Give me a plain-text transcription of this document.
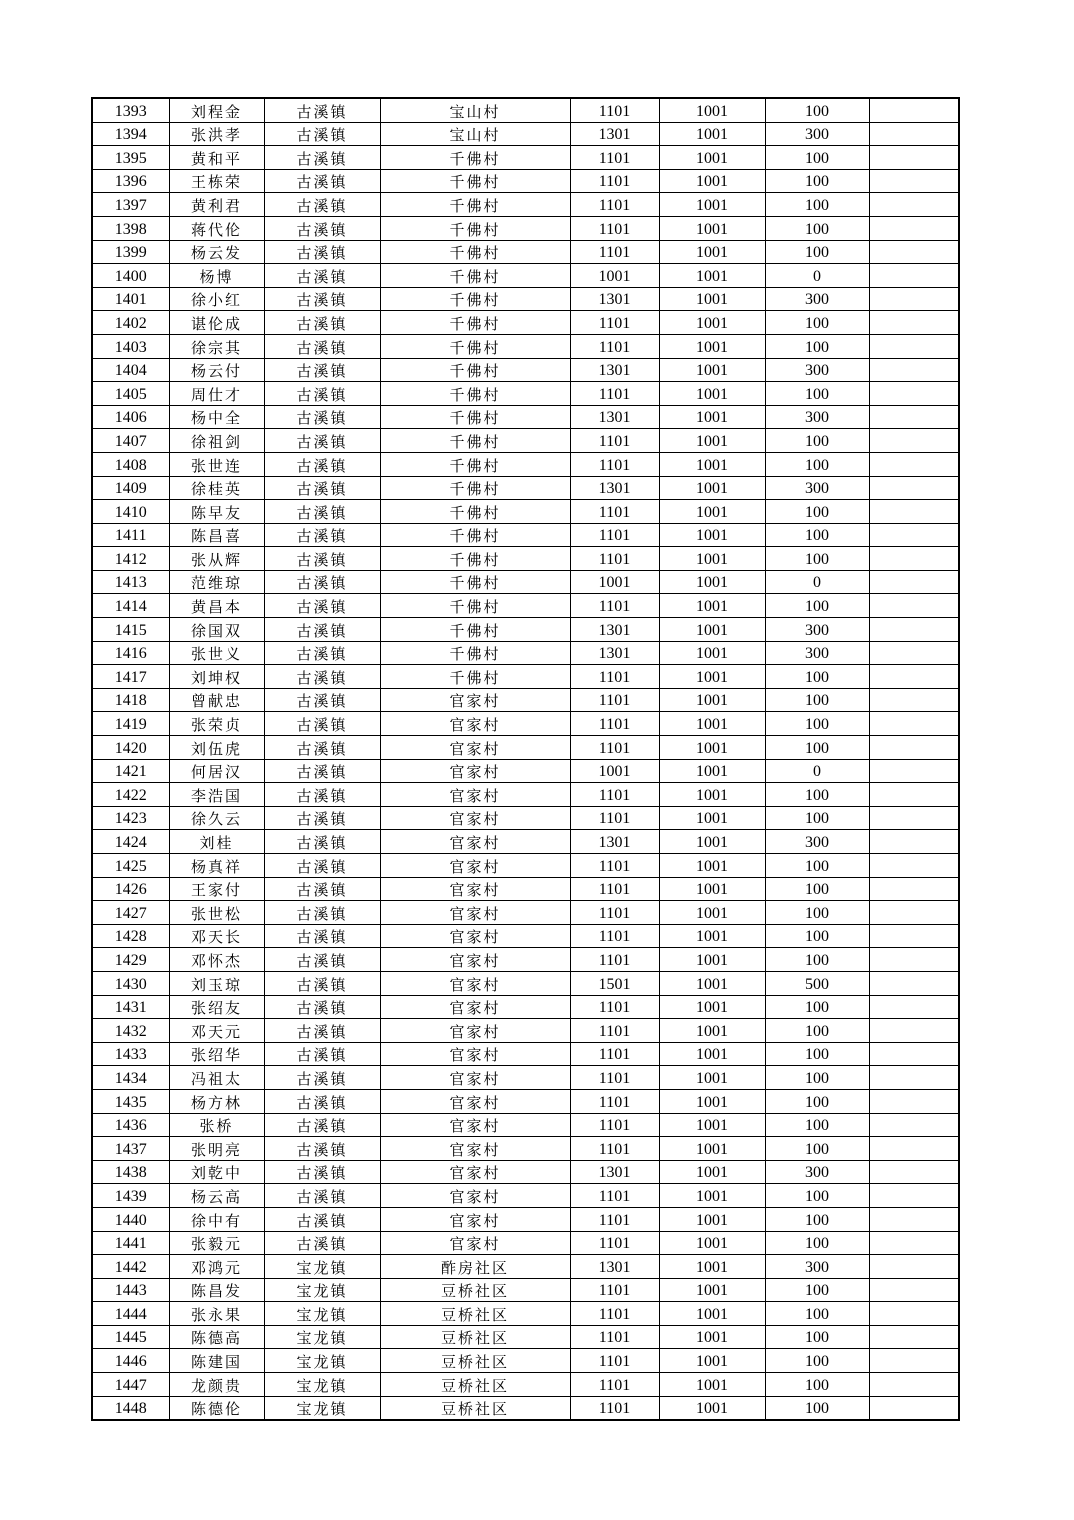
1393	刘程金	古溪镇	宝山村	1101	1001	100	
1394	张洪孝	古溪镇	宝山村	1301	1001	300	
1395	黄和平	古溪镇	千佛村	1101	1001	100	
1396	王栋荣	古溪镇	千佛村	1101	1001	100	
1397	黄利君	古溪镇	千佛村	1101	1001	100	
1398	蒋代伦	古溪镇	千佛村	1101	1001	100	
1399	杨云发	古溪镇	千佛村	1101	1001	100	
1400	杨博	古溪镇	千佛村	1001	1001	0	
1401	徐小红	古溪镇	千佛村	1301	1001	300	
1402	谌伦成	古溪镇	千佛村	1101	1001	100	
1403	徐宗其	古溪镇	千佛村	1101	1001	100	
1404	杨云付	古溪镇	千佛村	1301	1001	300	
1405	周仕才	古溪镇	千佛村	1101	1001	100	
1406	杨中全	古溪镇	千佛村	1301	1001	300	
1407	徐祖剑	古溪镇	千佛村	1101	1001	100	
1408	张世连	古溪镇	千佛村	1101	1001	100	
1409	徐桂英	古溪镇	千佛村	1301	1001	300	
1410	陈早友	古溪镇	千佛村	1101	1001	100	
1411	陈昌喜	古溪镇	千佛村	1101	1001	100	
1412	张从辉	古溪镇	千佛村	1101	1001	100	
1413	范维琼	古溪镇	千佛村	1001	1001	0	
1414	黄昌本	古溪镇	千佛村	1101	1001	100	
1415	徐国双	古溪镇	千佛村	1301	1001	300	
1416	张世义	古溪镇	千佛村	1301	1001	300	
1417	刘坤权	古溪镇	千佛村	1101	1001	100	
1418	曾献忠	古溪镇	官家村	1101	1001	100	
1419	张荣贞	古溪镇	官家村	1101	1001	100	
1420	刘伍虎	古溪镇	官家村	1101	1001	100	
1421	何居汉	古溪镇	官家村	1001	1001	0	
1422	李浩国	古溪镇	官家村	1101	1001	100	
1423	徐久云	古溪镇	官家村	1101	1001	100	
1424	刘桂	古溪镇	官家村	1301	1001	300	
1425	杨真祥	古溪镇	官家村	1101	1001	100	
1426	王家付	古溪镇	官家村	1101	1001	100	
1427	张世松	古溪镇	官家村	1101	1001	100	
1428	邓天长	古溪镇	官家村	1101	1001	100	
1429	邓怀杰	古溪镇	官家村	1101	1001	100	
1430	刘玉琼	古溪镇	官家村	1501	1001	500	
1431	张绍友	古溪镇	官家村	1101	1001	100	
1432	邓天元	古溪镇	官家村	1101	1001	100	
1433	张绍华	古溪镇	官家村	1101	1001	100	
1434	冯祖太	古溪镇	官家村	1101	1001	100	
1435	杨方林	古溪镇	官家村	1101	1001	100	
1436	张桥	古溪镇	官家村	1101	1001	100	
1437	张明亮	古溪镇	官家村	1101	1001	100	
1438	刘乾中	古溪镇	官家村	1301	1001	300	
1439	杨云高	古溪镇	官家村	1101	1001	100	
1440	徐中有	古溪镇	官家村	1101	1001	100	
1441	张毅元	古溪镇	官家村	1101	1001	100	
1442	邓鸿元	宝龙镇	酢房社区	1301	1001	300	
1443	陈昌发	宝龙镇	豆桥社区	1101	1001	100	
1444	张永果	宝龙镇	豆桥社区	1101	1001	100	
1445	陈德高	宝龙镇	豆桥社区	1101	1001	100	
1446	陈建国	宝龙镇	豆桥社区	1101	1001	100	
1447	龙颜贵	宝龙镇	豆桥社区	1101	1001	100	
1448	陈德伦	宝龙镇	豆桥社区	1101	1001	100	
